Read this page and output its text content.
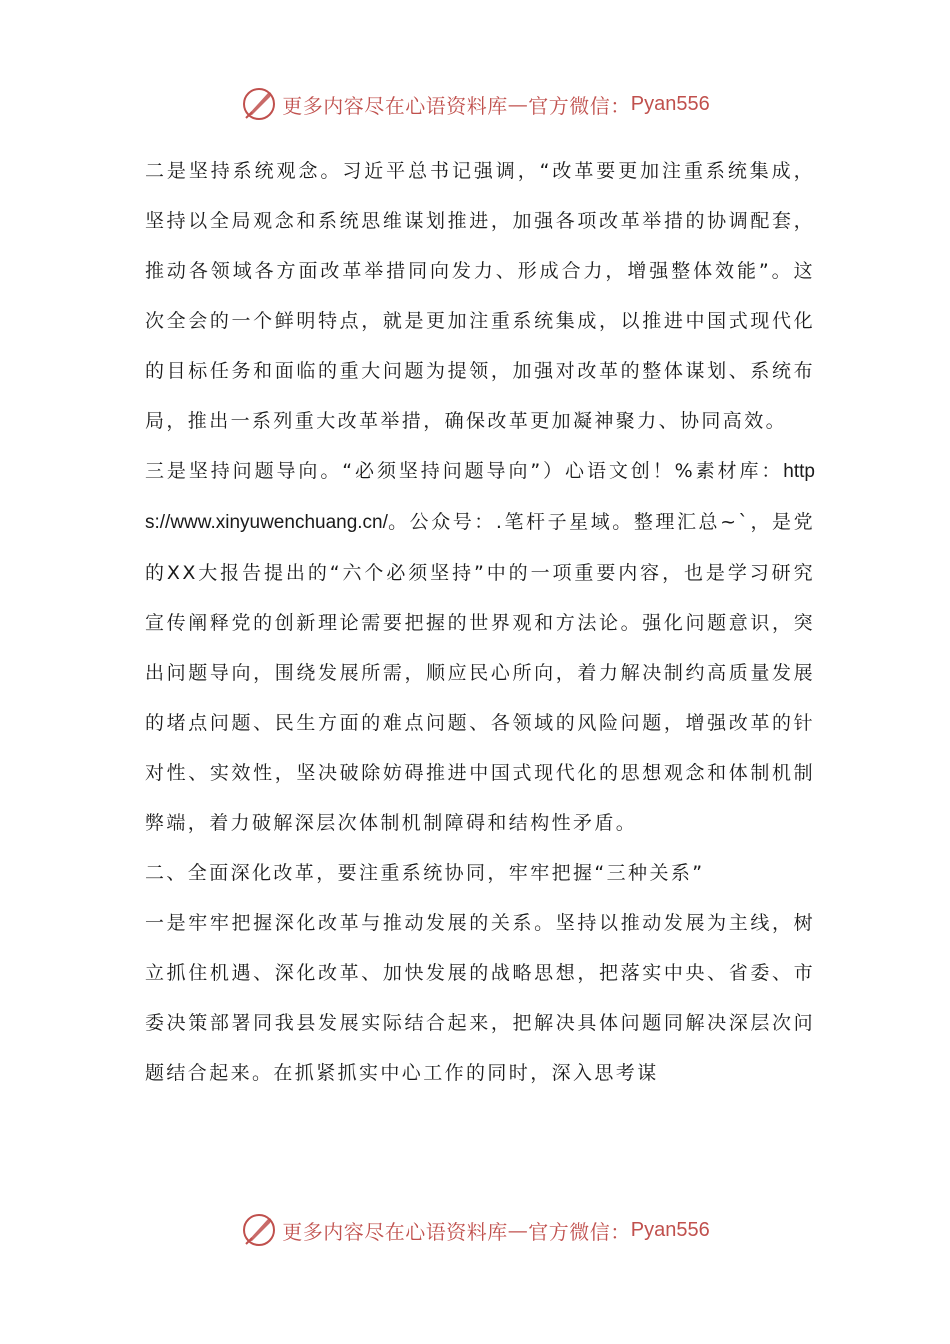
更多内容尽在心语资料库 — 官方微信： Pyan556

二是坚持系统观念。习近平总书记强调，“改革要更加注重系统集成，坚持以全局观念和系统思维谋划推进，加强各项改革举措的协调配套，推动各领域各方面改革举措同向发力、形成合力，增强整体效能”。这次全会的一个鲜明特点，就是更加注重系统集成，以推进中国式现代化的目标任务和面临的重大问题为提领，加强对改革的整体谋划、系统布局，推出一系列重大改革举措，确保改革更加凝神聚力、协同高效。

三是坚持问题导向。“必须坚持问题导向”）心语文创！%素材库：https://www.xinyuwenchuang.cn/。公众号：.笔杆子星域。整理汇总~`，是党的XX大报告提出的“六个必须坚持”中的一项重要内容，也是学习研究宣传阐释党的创新理论需要把握的世界观和方法论。强化问题意识，突出问题导向，围绕发展所需，顺应民心所向，着力解决制约高质量发展的堵点问题、民生方面的难点问题、各领域的风险问题，增强改革的针对性、实效性，坚决破除妨碍推进中国式现代化的思想观念和体制机制弊端，着力破解深层次体制机制障碍和结构性矛盾。

二、全面深化改革，要注重系统协同，牢牢把握“三种关系”

一是牢牢把握深化改革与推动发展的关系。坚持以推动发展为主线，树立抓住机遇、深化改革、加快发展的战略思想，把落实中央、省委、市委决策部署同我县发展实际结合起来，把解决具体问题同解决深层次问题结合起来。在抓紧抓实中心工作的同时，深入思考谋

更多内容尽在心语资料库 — 官方微信： Pyan556
